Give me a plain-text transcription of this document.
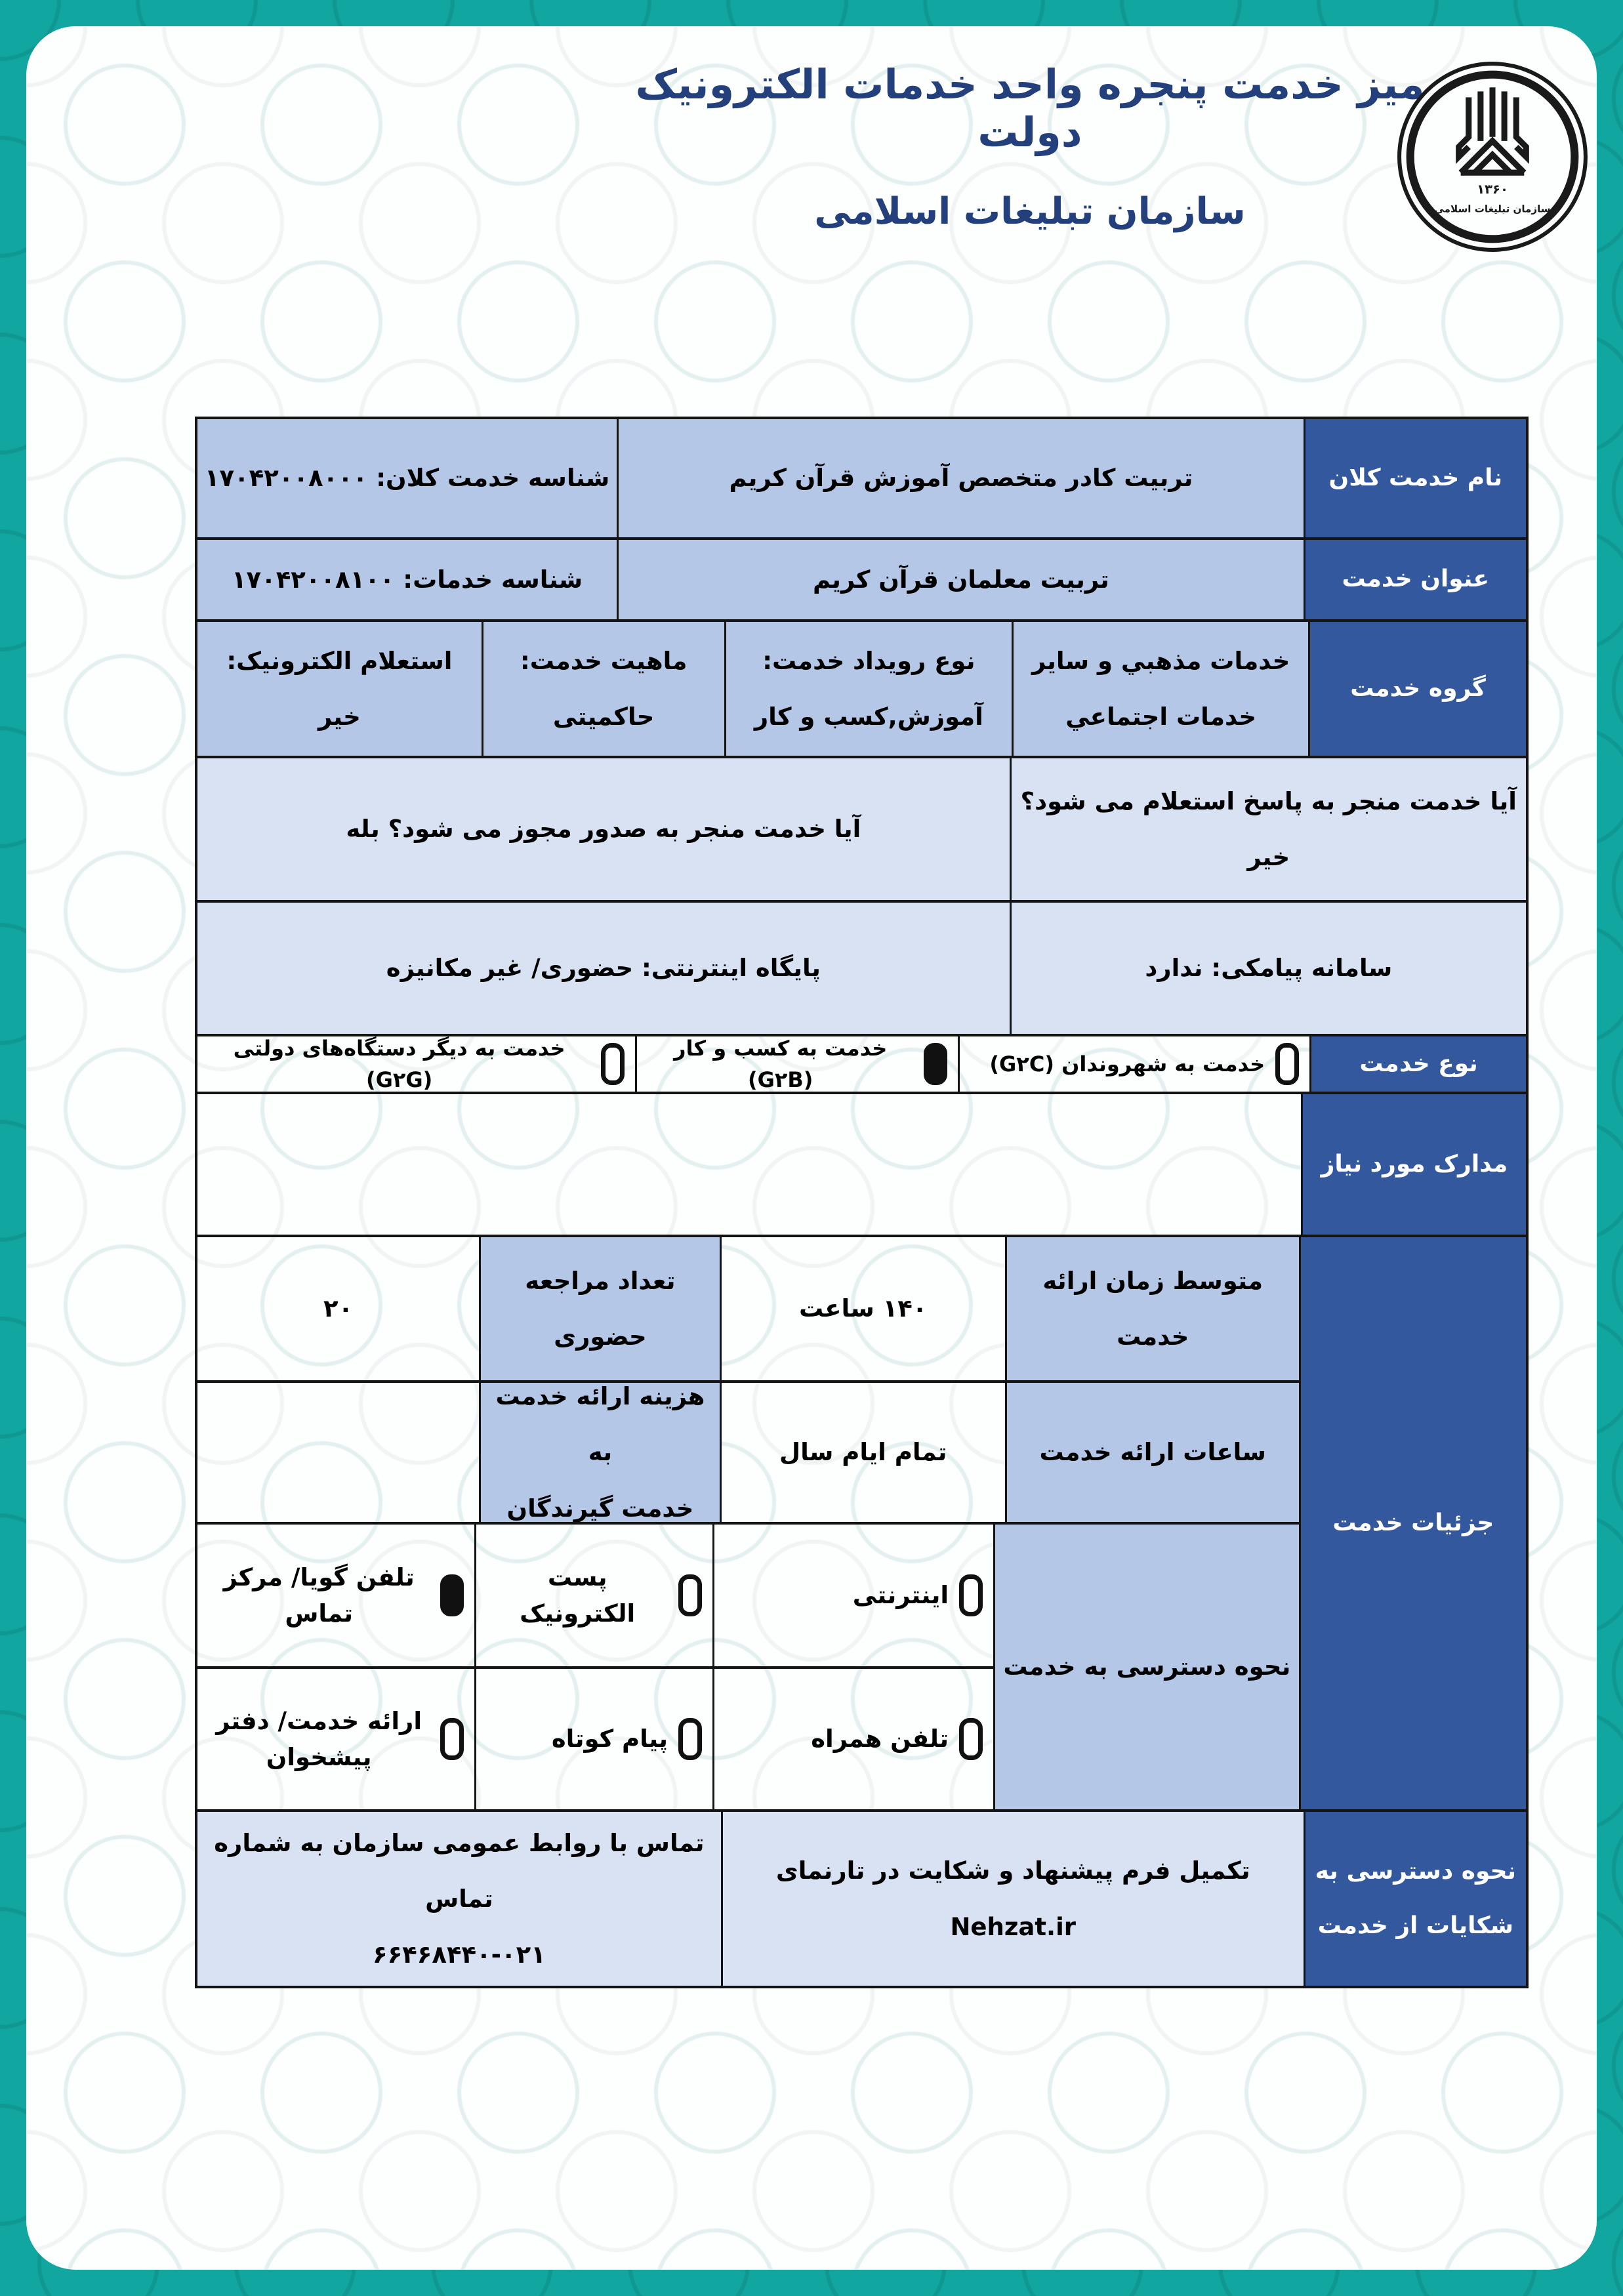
میز خدمت پنجره واحد خدمات الکترونیک دولت
سازمان تبلیغات اسلامی
۱۳۶۰
سازمان تبلیغات اسلامی
نام خدمت کلان
تربیت کادر متخصص آموزش قرآن کریم
شناسه خدمت کلان: ۱۷۰۴۲۰۰۸۰۰۰
عنوان خدمت
تربیت معلمان قرآن کریم
شناسه خدمات: ۱۷۰۴۲۰۰۸۱۰۰
گروه خدمت
خدمات مذهبي و سایر
خدمات اجتماعي
نوع رویداد خدمت:
آموزش,کسب و کار
ماهیت خدمت:
حاکمیتی
استعلام الکترونیک:
خیر
آیا خدمت منجر به پاسخ استعلام می شود؟ خیر
آیا خدمت منجر به صدور مجوز می شود؟ بله
سامانه پیامکی: ندارد
پایگاه اینترنتی: حضوری/ غیر مکانیزه
نوع خدمت
خدمت به شهروندان (G۲C)
خدمت به کسب و کار (G۲B)
خدمت به دیگر دستگاه‌های دولتی (G۲G)
مدارک مورد نیاز
جزئیات خدمت
متوسط زمان ارائه خدمت
۱۴۰ ساعت
تعداد مراجعه
حضوری
۲۰
ساعات ارائه خدمت
تمام ایام سال
هزینه ارائه خدمت به
خدمت گیرندگان
نحوه دسترسی به خدمت
اینترنتی
پست الکترونیک
تلفن گویا/ مرکز تماس
تلفن همراه
پیام کوتاه
ارائه خدمت/ دفتر پیشخوان
نحوه دسترسی به
شکایات از خدمت
تکمیل فرم پیشنهاد و شکایت در تارنمای Nehzat.ir
تماس با روابط عمومی سازمان به شماره تماس
۶۶۴۶۸۴۴۰-۰۲۱
